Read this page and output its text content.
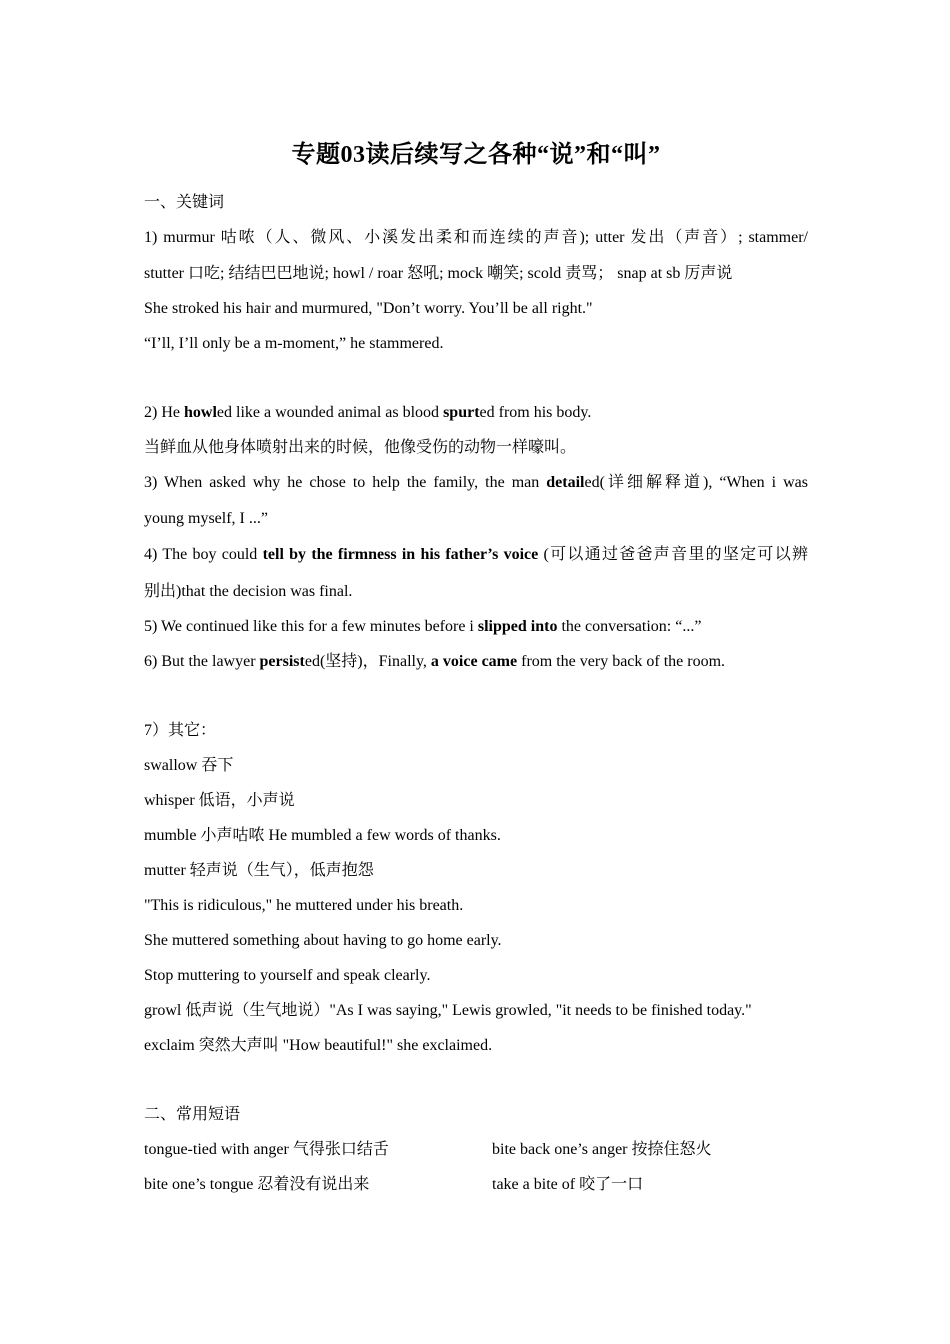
专题03读后续写之各种“说”和“叫”
一、关键词
1) murmur 咕哝（人、微风、小溪发出柔和而连续的声音); utter 发出（声音）; stammer/
stutter 口吃; 结结巴巴地说; howl / roar 怒吼; mock 嘲笑; scold 责骂； snap at sb 厉声说
She stroked his hair and murmured, "Don’t worry. You’ll be all right."
“I’ll, I’ll only be a m-moment,” he stammered.
2) He howled like a wounded animal as blood spurted from his body.
当鲜血从他身体喷射出来的时候，他像受伤的动物一样嚎叫。
3) When asked why he chose to help the family, the man detailed(详细解释道), “When i was
young myself, I ...”
4) The boy could tell by the firmness in his father’s voice (可以通过爸爸声音里的坚定可以辨
别出)that the decision was final.
5) We continued like this for a few minutes before i slipped into the conversation: “...”
6) But the lawyer persisted(坚持)，Finally, a voice came from the very back of the room.
7）其它：
swallow 吞下
whisper 低语，小声说
mumble 小声咕哝 He mumbled a few words of thanks.
mutter 轻声说（生气），低声抱怨
"This is ridiculous," he muttered under his breath.
She muttered something about having to go home early.
Stop muttering to yourself and speak clearly.
growl 低声说（生气地说）"As I was saying," Lewis growled, "it needs to be finished today."
exclaim 突然大声叫 "How beautiful!" she exclaimed.
二、常用短语
tongue-tied with anger 气得张口结舌	bite back one’s anger 按捺住怒火
bite one’s tongue 忍着没有说出来	take a bite of 咬了一口
